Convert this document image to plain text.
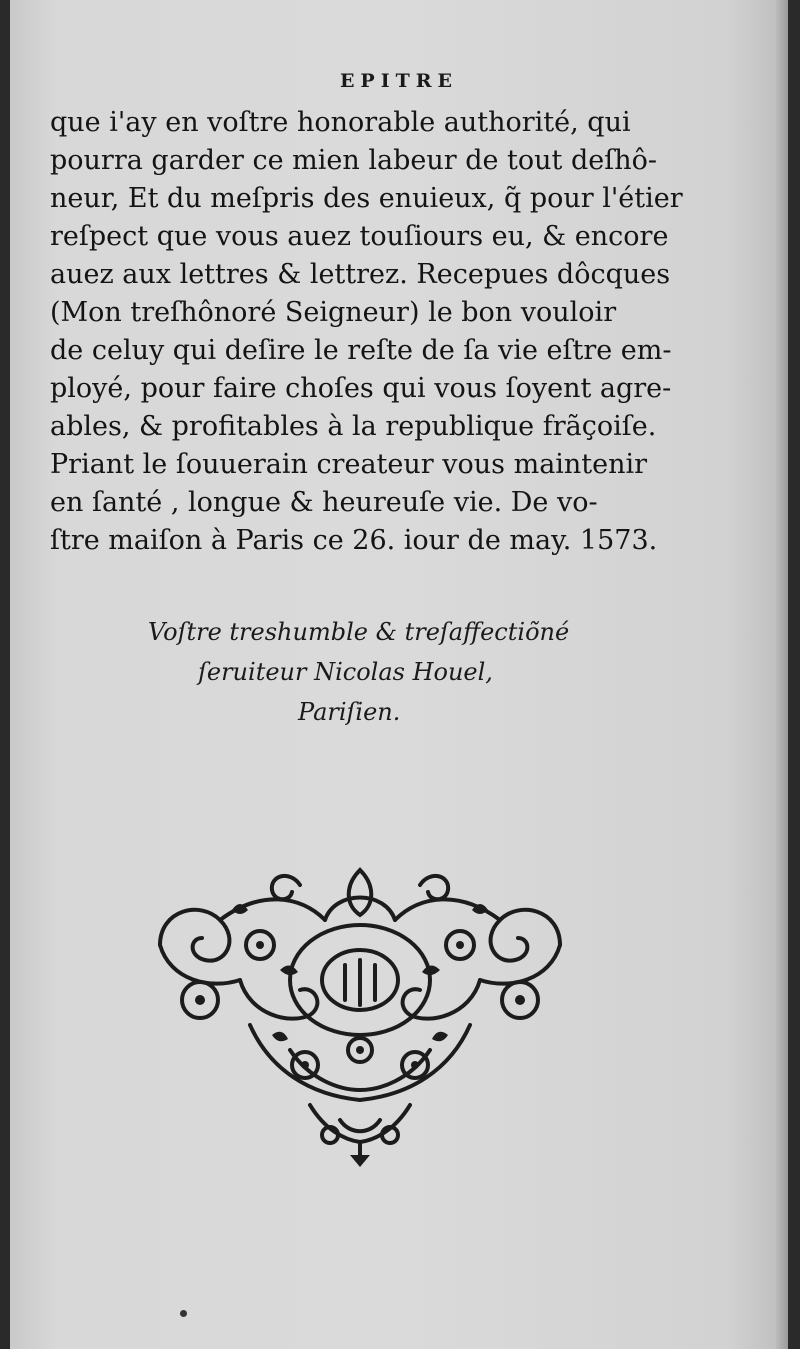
EPITRE
que i'ay en voſtre honorable authorité, qui
pourra garder ce mien labeur de tout deſhô-
neur, Et du meſpris des enuieux, q̃ pour l'étier
reſpect que vous auez touſiours eu, & encore
auez aux lettres & lettrez. Recepues dôcques
(Mon treſhônoré Seigneur) le bon vouloir
de celuy qui deſire le reſte de ſa vie eſtre em-
ployé, pour faire choſes qui vous ſoyent agre-
ables, & profitables à la republique frãçoiſe.
Priant le ſouuerain createur vous maintenir
en ſanté , longue & heureuſe vie. De vo-
ſtre maiſon à Paris ce 26. iour de may. 1573.
Voſtre treshumble & treſaffectiõné
ſeruiteur Nicolas Houel,
Pariſien.
